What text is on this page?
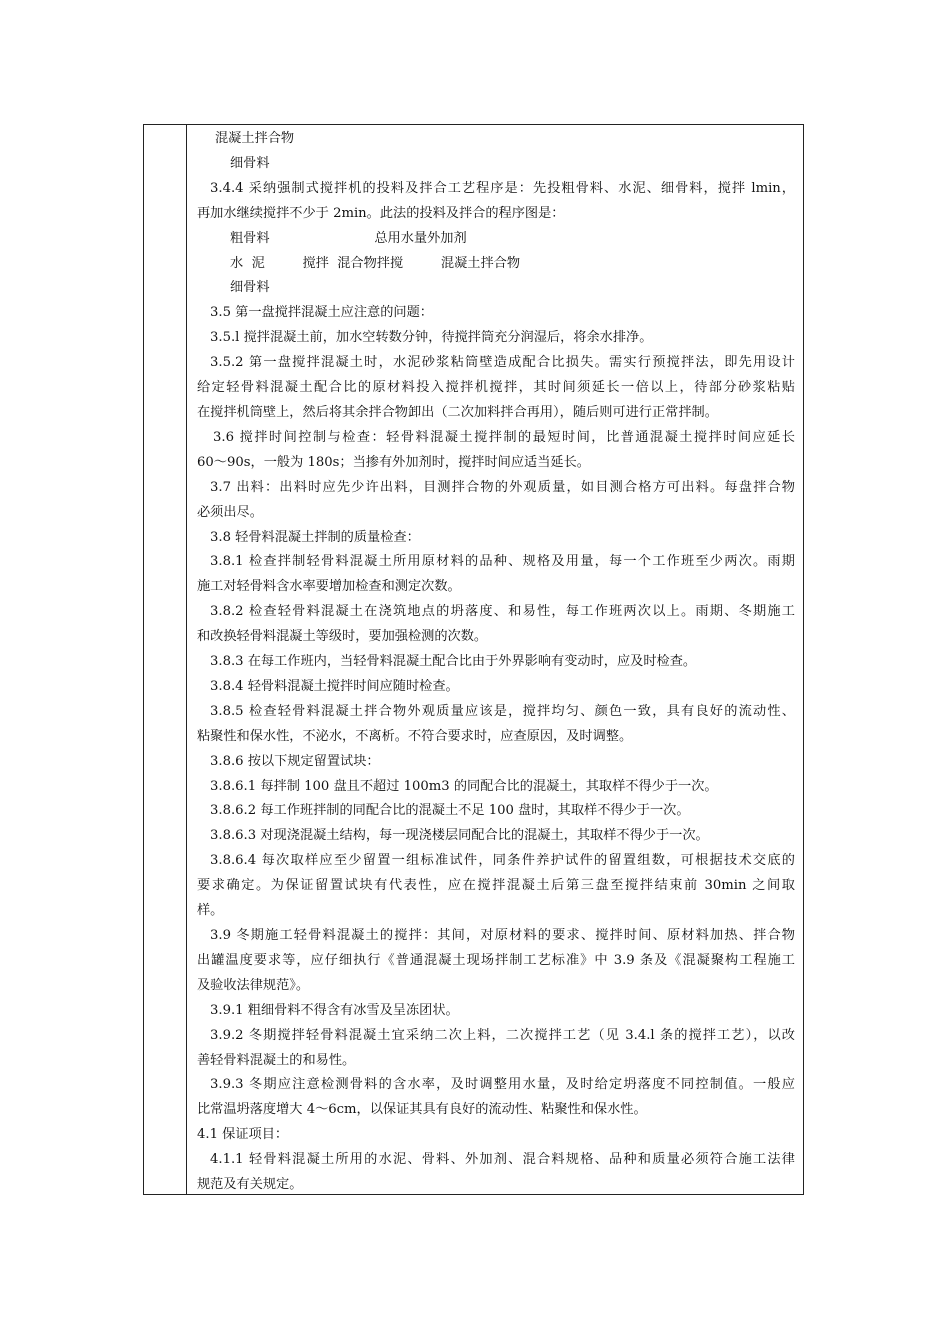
混凝土拌合物
细骨料
3.4.4 采纳强制式搅拌机的投料及拌合工艺程序是：先投粗骨料、水泥、细骨料，搅拌 lmin，
再加水继续搅拌不少于 2min。此法的投料及拌合的程序图是：
粗骨料                         总用水量外加剂
水  泥         搅拌  混合物拌搅         混凝土拌合物
细骨料
3.5 第一盘搅拌混凝土应注意的问题：
3.5.l 搅拌混凝土前，加水空转数分钟，待搅拌筒充分润湿后，将余水排净。
3.5.2 第一盘搅拌混凝土时，水泥砂浆粘筒壁造成配合比损失。需实行预搅拌法，即先用设计
给定轻骨料混凝土配合比的原材料投入搅拌机搅拌，其时间须延长一倍以上，待部分砂浆粘贴
在搅拌机筒壁上，然后将其余拌合物卸出（二次加料拌合再用），随后则可进行正常拌制。
3.6 搅拌时间控制与检查：轻骨料混凝土搅拌制的最短时间，比普通混凝土搅拌时间应延长
60～90s，一般为 180s；当掺有外加剂时，搅拌时间应适当延长。
3.7 出料：出料时应先少许出料，目测拌合物的外观质量，如目测合格方可出料。每盘拌合物
必须出尽。
3.8 轻骨料混凝土拌制的质量检查：
3.8.1 检查拌制轻骨料混凝土所用原材料的品种、规格及用量，每一个工作班至少两次。雨期
施工对轻骨料含水率要增加检查和测定次数。
3.8.2 检查轻骨料混凝土在浇筑地点的坍落度、和易性，每工作班两次以上。雨期、冬期施工
和改换轻骨料混凝土等级时，要加强检测的次数。
3.8.3 在每工作班内，当轻骨料混凝土配合比由于外界影响有变动时，应及时检查。
3.8.4 轻骨料混凝土搅拌时间应随时检查。
3.8.5 检查轻骨料混凝土拌合物外观质量应该是，搅拌均匀、颜色一致，具有良好的流动性、
粘聚性和保水性，不泌水，不离析。不符合要求时，应查原因，及时调整。
3.8.6 按以下规定留置试块：
3.8.6.1 每拌制 100 盘且不超过 100m3 的同配合比的混凝土，其取样不得少于一次。
3.8.6.2 每工作班拌制的同配合比的混凝土不足 100 盘时，其取样不得少于一次。
3.8.6.3 对现浇混凝土结构，每一现浇楼层同配合比的混凝土，其取样不得少于一次。
3.8.6.4 每次取样应至少留置一组标准试件，同条件养护试件的留置组数，可根据技术交底的
要求确定。为保证留置试块有代表性，应在搅拌混凝土后第三盘至搅拌结束前 30min 之间取
样。
3.9 冬期施工轻骨料混凝土的搅拌：其间，对原材料的要求、搅拌时间、原材料加热、拌合物
出罐温度要求等，应仔细执行《普通混凝土现场拌制工艺标准》中 3.9 条及《混凝聚构工程施工
及验收法律规范》。
3.9.1 粗细骨料不得含有冰雪及呈冻团状。
3.9.2 冬期搅拌轻骨料混凝土宜采纳二次上料，二次搅拌工艺（见 3.4.l 条的搅拌工艺），以改
善轻骨料混凝土的和易性。
3.9.3 冬期应注意检测骨料的含水率，及时调整用水量，及时给定坍落度不同控制值。一般应
比常温坍落度增大 4～6cm，以保证其具有良好的流动性、粘聚性和保水性。
4.1 保证项目：
4.1.1 轻骨料混凝土所用的水泥、骨料、外加剂、混合料规格、品种和质量必须符合施工法律
规范及有关规定。
